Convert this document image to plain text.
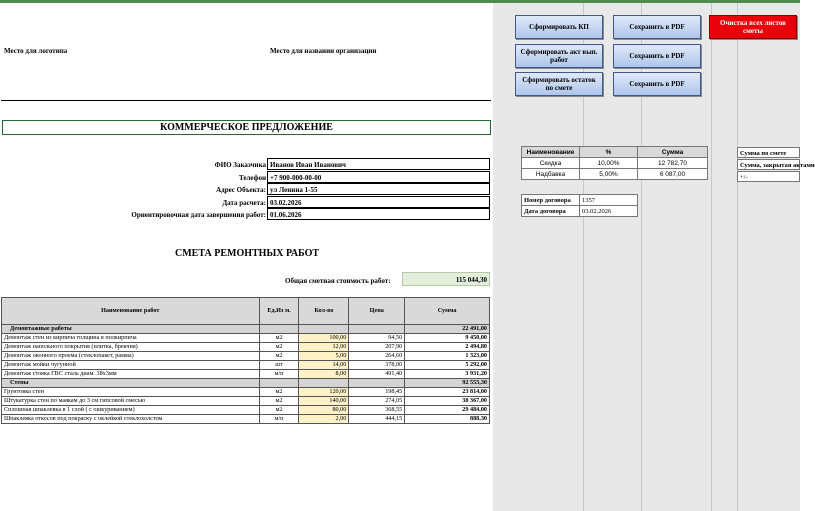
Место для логотипа	Место для названии организации
Сформировать КП	Сохранить в PDF	Очистка всех листов сметы
Сформировать акт вып. работ	Сохранить в PDF
Сформировать остаток по смете	Сохранить в PDF
КОММЕРЧЕСКОЕ ПРЕДЛОЖЕНИЕ
ФИО Заказчика Иванов Иван Иванович
Телефон +7 900-000-00-00
Адрес Объекта: ул Ленина 1-55
Дата расчета: 03.02.2026
Ориентировочная дата завершения работ: 01.06.2026
СМЕТА РЕМОНТНЫХ РАБОТ
Общая сметная стоимость работ:	115 044,30
Наименование работ	Ед.Из м.	Кол-во	Цена	Сумма
Демонтажные работы				22 491,00
Демонтаж стен из кирпича толщина в полкирпича	м2	100,00	94,50	9 450,00
Демонтаж напольного покрытия (плитка, брекчия)	м2	12,00	207,90	2 494,80
Демонтаж оконного проема (стеклопакет, рамма)	м2	5,00	264,60	1 323,00
Демонтаж мойки чугунной	шт	14,00	378,00	5 292,00
Демонтаж стояка ГВС сталь диам. 38х3мм	м/п	8,00	491,40	3 931,20
Стены				92 553,30
Грунтовка стен	м2	120,00	198,45	23 814,00
Штукатурка стен по маякам до 3 см гипсовой смесью	м2	140,00	274,05	38 367,00
Сплошная шпаклевка в 1 слой ( с ошкуриванием)	м2	80,00	368,55	29 484,00
Шпаклевка откосов под покраску с оклейкой стеклохолстом	м/п	2,00	444,15	888,30
Наименование	%	Сумма
Скидка	10,00%	12 782,70
Надбавка	5,00%	6 087,00
Сумма по смете
Сумма, закрытая актами
+/-
Номер договора	1357
Дата договора	03.02.2026
